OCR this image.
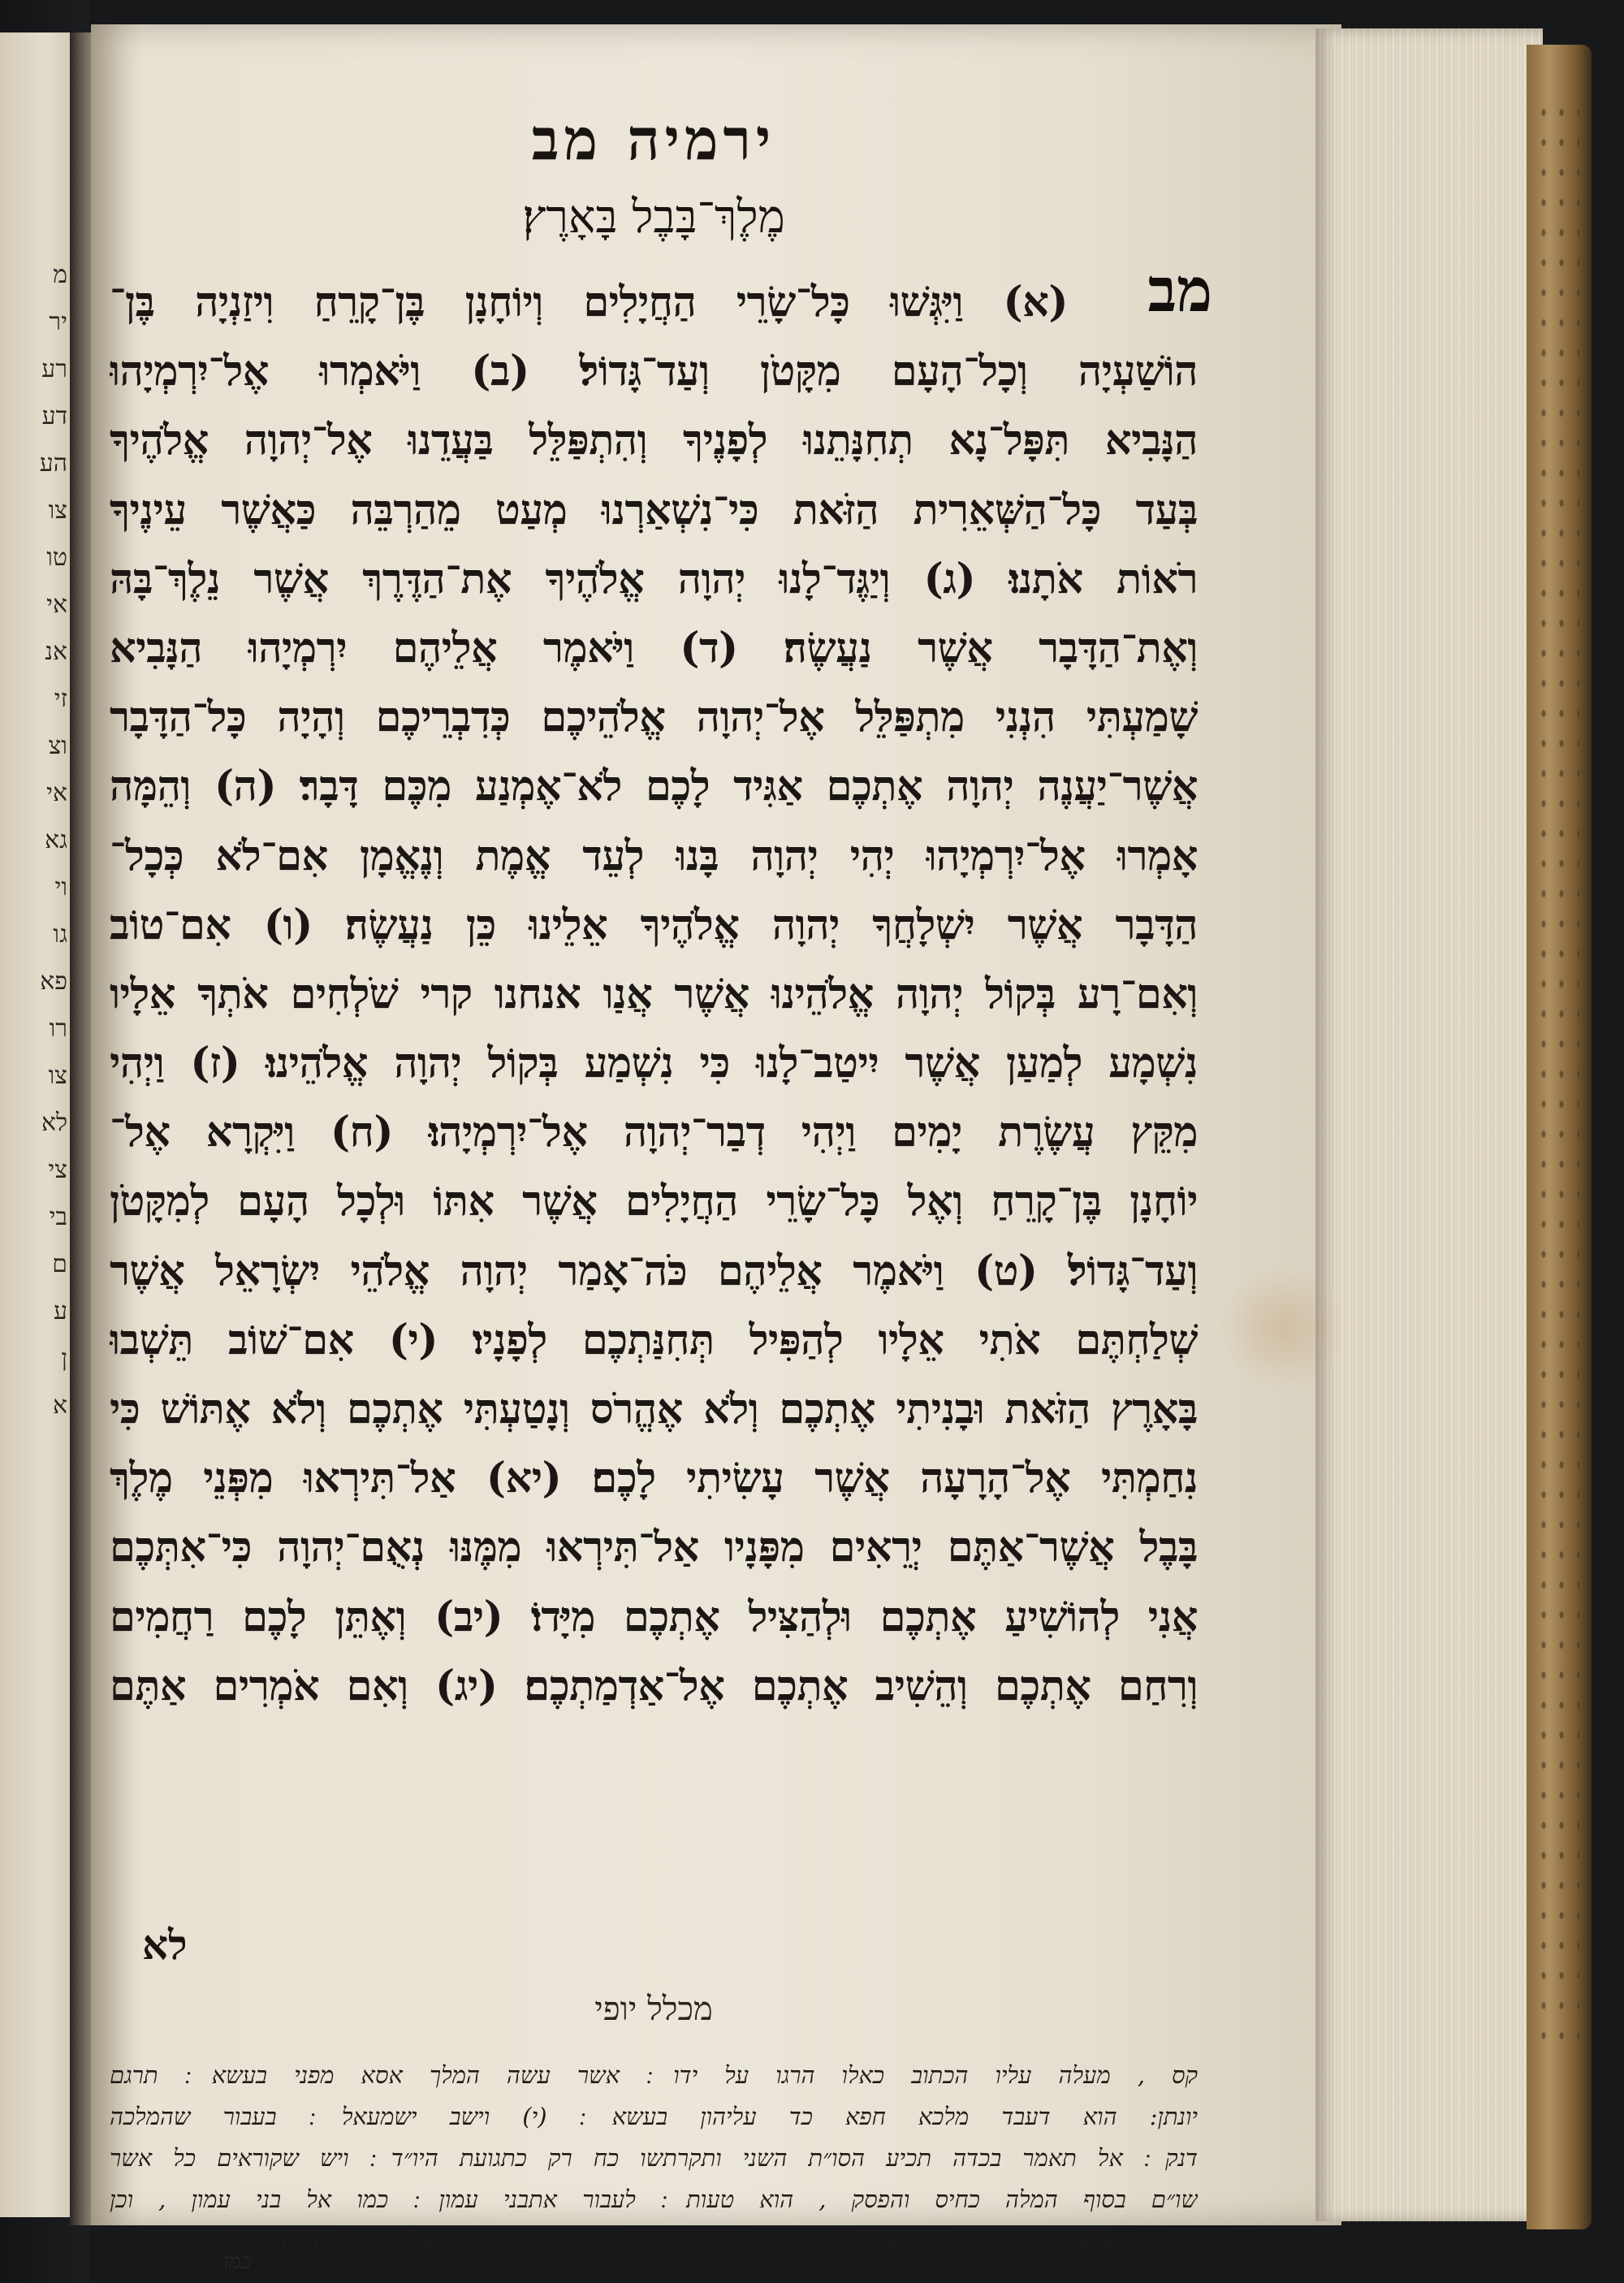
מ
יר
רע
דע
הע
צו
טו
אי
אנ
זי
וצ
אי
גא
וי
גו
פא
רו
צו
לא
צי
בי
ם
ע
ן
א
ירמיה מב
מֶלֶךְ־בָּבֶל בָּאָרֶץ׃
מב
(א) וַיִּגְּשׁוּ כָּל־שָׂרֵי הַחֲיָלִים וְיוֹחָנָן בֶּן־קָרֵחַ וִיזַנְיָה בֶּן־
הוֹשַׁעְיָה וְכָל־הָעָם מִקָּטֹן וְעַד־גָּדוֹל׃ (ב) וַיֹּאמְרוּ אֶל־יִרְמְיָהוּ
הַנָּבִיא תִּפָּל־נָא תְחִנָּתֵנוּ לְפָנֶיךָ וְהִתְפַּלֵּל בַּעֲדֵנוּ אֶל־יְהוָה אֱלֹהֶיךָ
בְּעַד כָּל־הַשְּׁאֵרִית הַזֹּאת כִּי־נִשְׁאַרְנוּ מְעַט מֵהַרְבֵּה כַּאֲשֶׁר עֵינֶיךָ
רֹאוֹת אֹתָנוּ׃ (ג) וְיַגֶּד־לָנוּ יְהוָה אֱלֹהֶיךָ אֶת־הַדֶּרֶךְ אֲשֶׁר נֵלֶךְ־בָּהּ
וְאֶת־הַדָּבָר אֲשֶׁר נַעֲשֶׂה׃ (ד) וַיֹּאמֶר אֲלֵיהֶם יִרְמְיָהוּ הַנָּבִיא
שָׁמַעְתִּי הִנְנִי מִתְפַּלֵּל אֶל־יְהוָה אֱלֹהֵיכֶם כְּדִבְרֵיכֶם וְהָיָה כָּל־הַדָּבָר
אֲשֶׁר־יַעֲנֶה יְהוָה אֶתְכֶם אַגִּיד לָכֶם לֹא־אֶמְנַע מִכֶּם דָּבָר׃ (ה) וְהֵמָּה
אָמְרוּ אֶל־יִרְמְיָהוּ יְהִי יְהוָה בָּנוּ לְעֵד אֱמֶת וְנֶאֱמָן אִם־לֹא כְּכָל־
הַדָּבָר אֲשֶׁר יִשְׁלָחֲךָ יְהוָה אֱלֹהֶיךָ אֵלֵינוּ כֵּן נַעֲשֶׂה׃ (ו) אִם־טוֹב
וְאִם־רָע בְּקוֹל יְהוָה אֱלֹהֵינוּ אֲשֶׁר אֲנַו אנחנו קרי שֹׁלְחִים אֹתְךָ אֵלָיו
נִשְׁמָע לְמַעַן אֲשֶׁר יִיטַב־לָנוּ כִּי נִשְׁמַע בְּקוֹל יְהוָה אֱלֹהֵינוּ׃ (ז) וַיְהִי
מִקֵּץ עֲשֶׂרֶת יָמִים וַיְהִי דְבַר־יְהוָה אֶל־יִרְמְיָהוּ׃ (ח) וַיִּקְרָא אֶל־
יוֹחָנָן בֶּן־קָרֵחַ וְאֶל כָּל־שָׂרֵי הַחֲיָלִים אֲשֶׁר אִתּוֹ וּלְכָל הָעָם לְמִקָּטֹן
וְעַד־גָּדוֹל׃ (ט) וַיֹּאמֶר אֲלֵיהֶם כֹּה־אָמַר יְהוָה אֱלֹהֵי יִשְׂרָאֵל אֲשֶׁר
שְׁלַחְתֶּם אֹתִי אֵלָיו לְהַפִּיל תְּחִנַּתְכֶם לְפָנָיו׃ (י) אִם־שׁוֹב תֵּשְׁבוּ
בָּאָרֶץ הַזֹּאת וּבָנִיתִי אֶתְכֶם וְלֹא אֶהֱרֹס וְנָטַעְתִּי אֶתְכֶם וְלֹא אֶתּוֹשׁ כִּי
נִחַמְתִּי אֶל־הָרָעָה אֲשֶׁר עָשִׂיתִי לָכֶם׃ (יא) אַל־תִּירְאוּ מִפְּנֵי מֶלֶךְ
בָּבֶל אֲשֶׁר־אַתֶּם יְרֵאִים מִפָּנָיו אַל־תִּירְאוּ מִמֶּנּוּ נְאֻם־יְהוָה כִּי־אִתְּכֶם
אֲנִי לְהוֹשִׁיעַ אֶתְכֶם וּלְהַצִּיל אֶתְכֶם מִיָּדוֹ׃ (יב) וְאֶתֵּן לָכֶם רַחֲמִים
וְרִחַם אֶתְכֶם וְהֵשִׁיב אֶתְכֶם אֶל־אַדְמַתְכֶם׃ (יג) וְאִם אֹמְרִים אַתֶּם
לא
מכלל יופי
קס , מעלה עליו הכתוב כאלו הרגו על ידו ׃ אשר עשה המלך אסא מפני בעשא ׃ תרגם
יונתן: הוא דעבד מלכא חפא כד עליהון בעשא ׃ (י) וישב ישמעאל ׃ בעבור שהמלכה
דנק ׃ אל תאמר בכדה תכיע הסו״ת השני ותקרתשו כח רק כתגועת היו״ד ׃ ויש שקוראים כל אשר
שו״ם בסוף המלה כחיס והפסק , הוא טעות ׃ לעבור אתבני עמון ׃ כמו אל בני עמון , וכן
והרקה אלא הכהן , כמו אל הכהן , אם מי הגדת אתון , כמו אל מי ׃ (יא) אלפים רבים ׃
כמו
